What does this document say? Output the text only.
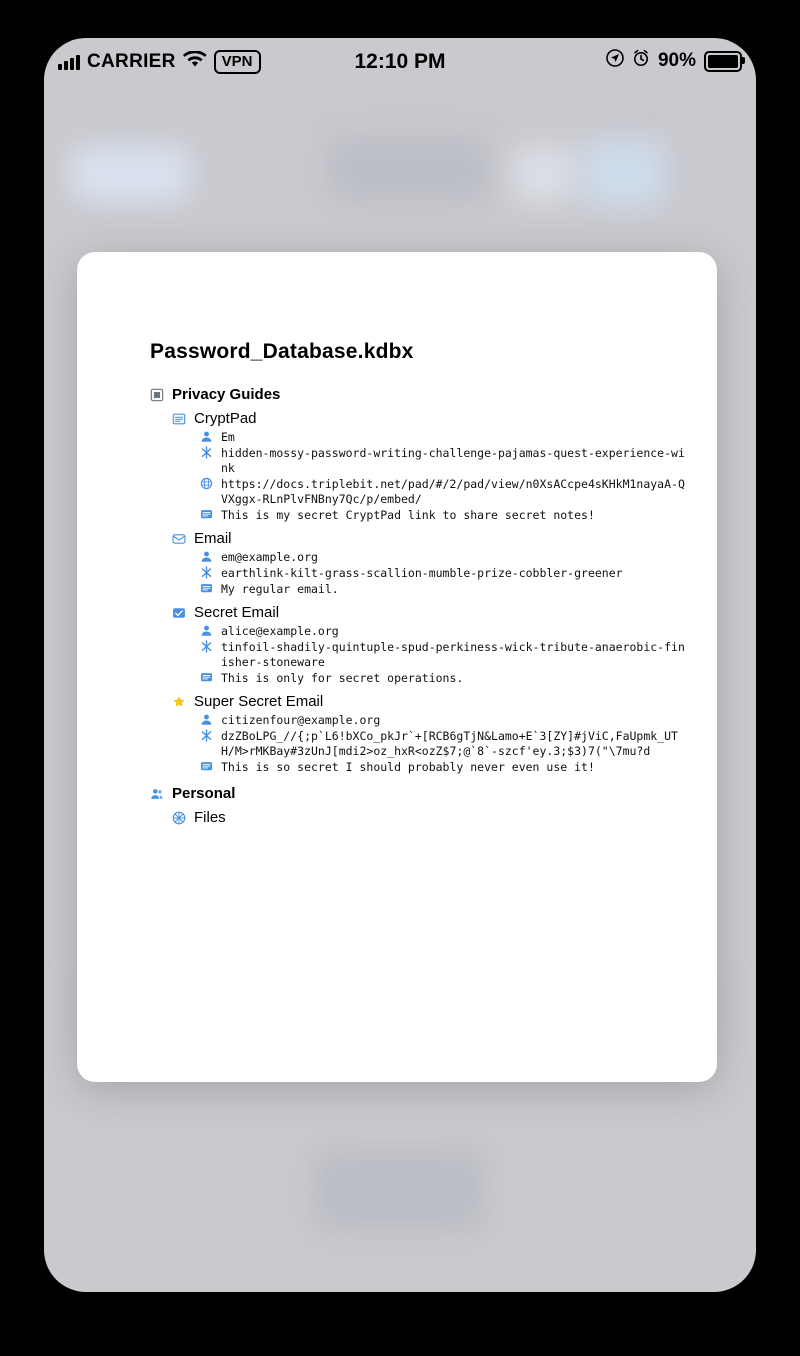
CARRIER	VPN	12:10 PM	90%
Password_Database.kdbx
Privacy Guides
CryptPad
Em
hidden-mossy-password-writing-challenge-pajamas-quest-experience-wink
https://docs.triplebit.net/pad/#/2/pad/view/n0XsACcpe4sKHkM1nayaA-QVXggx-RLnPlvFNBny7Qc/p/embed/
This is my secret CryptPad link to share secret notes!
Email
em@example.org
earthlink-kilt-grass-scallion-mumble-prize-cobbler-greener
My regular email.
Secret Email
alice@example.org
tinfoil-shadily-quintuple-spud-perkiness-wick-tribute-anaerobic-finisher-stoneware
This is only for secret operations.
Super Secret Email
citizenfour@example.org
dzZBoLPG_//{;p`L6!bXCo_pkJr`+[RCB6gTjN&Lamo+E`3[ZY]#jViC,FaUpmk_UTH/M>rMKBay#3zUnJ[mdi2>oz_hxR<ozZ$7;@`8`-szcf'ey.3;$3)7("\7mu?d
This is so secret I should probably never even use it!
Personal
Files
